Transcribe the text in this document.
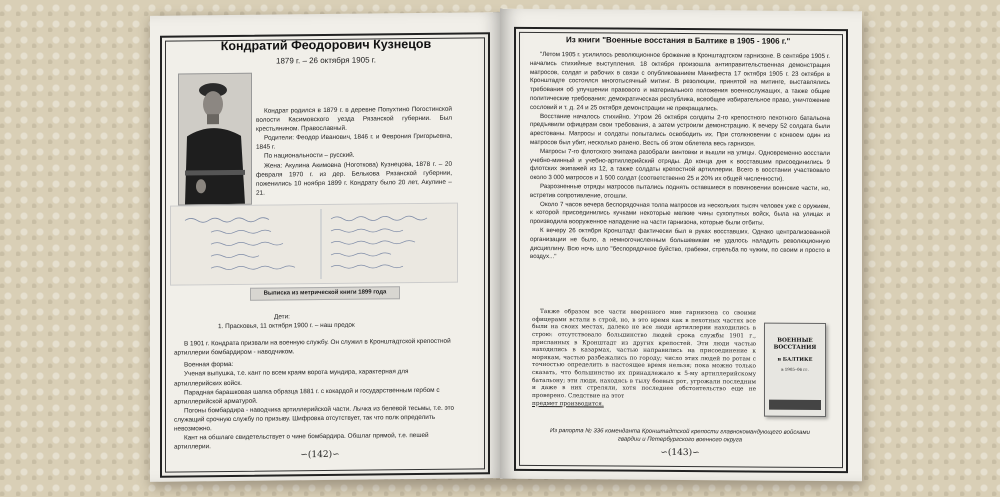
Кондратий Феодорович Кузнецов
1879 г. – 26 октября 1905 г.

Кондрат родился в 1879 г. в деревне Попухтино Погостинской волости Касимовского уезда Рязанской губернии. Был крестьянином. Православный.

Родители: Феодор Иванович, 1846 г. и Феврония Григорьевна, 1845 г.

По национальности – русский.

Жена: Акулина Акимовна (Ноготкова) Кузнецова, 1878 г. – 20 февраля 1970 г. из дер. Белькова Рязанской губернии, поженились 10 ноября 1899 г. Кондрату было 20 лет, Акулине – 21.

Выписка из метрической книги 1899 года

Дети:

1. Прасковья, 11 октября 1900 г. – наш предок

В 1901 г. Кондрата призвали на военную службу. Он служил в Кронштадтской крепостной артиллерии бомбардиром - наводчиком.

Военная форма:

Ученая выпушка, т.е. кант по всем краям ворота мундира, характерная для артиллерийских войск.

Парадная барашковая шапка образца 1881 г. с кокардой и государственным гербом с артиллерийской арматурой.

Погоны бомбардира - наводчика артиллерийской части. Лычка из белевой тесьмы, т.е. это служащий срочную службу по призыву. Шифровка отсутствует, так что полк определить невозможно.

Кант на обшлаге свидетельствует о чине бомбардира. Обшлаг прямой, т.е. пешей артиллерии.

∽(142)∽
Из книги "Военные восстания в Балтике в 1905 - 1906 г."

"Летом 1905 г. усилилось революционное брожение в Кронштадтском гарнизоне. В сентябре 1905 г. начались стихийные выступления. 18 октября произошла антиправительственная демонстрация матросов, солдат и рабочих в связи с опубликованием Манифеста 17 октября 1905 г. 23 октября в Кронштадте состоялся многотысячный митинг. В резолюции, принятой на митинге, выставлялись требования об улучшении правового и материального положения военнослужащих, а также общие политические требования: демократическая республика, всеобщее избирательное право, уничтожение сословий и т. д. 24 и 25 октября демонстрации не прекращались.

Восстание началось стихийно. Утром 26 октября солдаты 2-го крепостного пехотного батальона предъявили офицерам свои требования, а затем устроили демонстрацию. К вечеру 52 солдата были арестованы. Матросы и солдаты попытались освободить их. При столкновении с конвоем один из матросов был убит, несколько ранено. Весть об этом облетела весь гарнизон.

Матросы 7-го флотского экипажа разобрали винтовки и вышли на улицы. Одновременно восстали учебно-минный и учебно-артиллерийский отряды. До конца дня к восставшим присоединились 9 флотских экипажей из 12, а также солдаты крепостной артиллерии. Всего в восстании участвовало около 3 000 матросов и 1 500 солдат (соответственно 25 и 20% их общей численности).

Разрозненные отряды матросов пытались поднять оставшиеся в повиновении воинские части, но, встретив сопротивление, отошли.

Около 7 часов вечера беспорядочная толпа матросов из нескольких тысяч человек уже с оружием, к которой присоединились кучками некоторые мелкие чины сухопутных войск, была на улицах и производила вооруженное нападение на части гарнизона, которые были отбиты.

К вечеру 26 октября Кронштадт фактически был в руках восставших. Однако централизованной организации не было, а немногочисленным большевикам не удалось наладить революционную дисциплину. Всю ночь шло "беспорядочное буйство, грабежи, стрельба по чужим, по своим и просто в воздух..."

Также образом все части вверенного мне гарнизона со своими офицерами встали в строй, но, в это время как в пехотных частях все были на своих местах, далеко не все люди артиллерии находились в строю: отсутствовало большинство людей срока службы 1901 г., присланных в Кронштадт из других крепостей. Эти люди частью находились в казармах, частью направились на присоединение к морякам, частью разбежались по городу; число этих людей по ротам с точностью определить в настоящее время нельзя; пока можно только сказать, что большинство их принадлежало к 5-му артиллерийскому батальону; эти люди, находясь в тылу боевых рот, угрожали последним и даже в них стреляли, хотя последнее обстоятельство еще не проверено. Следствие на этот

предмет производится.

ВОЕННЫЕ ВОССТАНИЯ
в БАЛТИКЕ
в 1905–06 гг.
Из рапорта № 336 коменданта Кронштадтской крепости главнокомандующего войсками гвардии и Петербургского военного округа
∽(143)∽
